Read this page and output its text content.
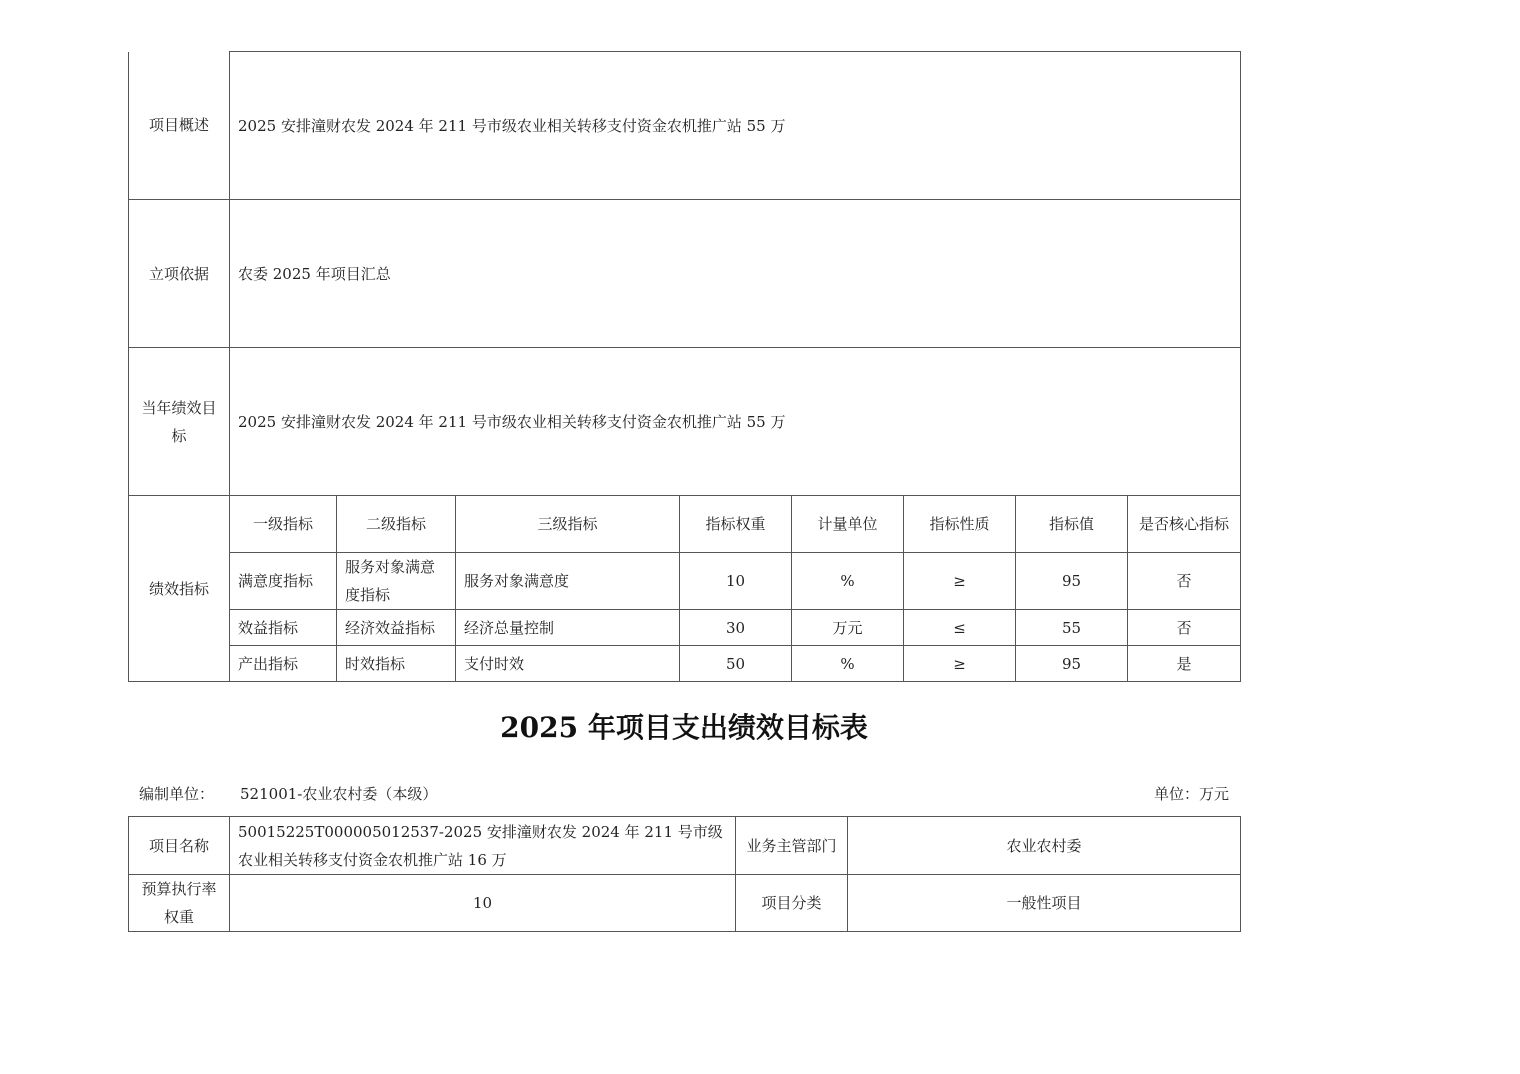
项目概述	2025 安排潼财农发 2024 年 211 号市级农业相关转移支付资金农机推广站 55 万							
立项依据	农委 2025 年项目汇总							
当年绩效目标	2025 安排潼财农发 2024 年 211 号市级农业相关转移支付资金农机推广站 55 万							
绩效指标	一级指标	二级指标	三级指标	指标权重	计量单位	指标性质	指标值	是否核心指标
	满意度指标	服务对象满意度指标	服务对象满意度	10	%	≥	95	否
	效益指标	经济效益指标	经济总量控制	30	万元	≤	55	否
	产出指标	时效指标	支付时效	50	%	≥	95	是
2025 年项目支出绩效目标表
编制单位： 521001-农业农村委（本级）	单位：万元
项目名称	50015225T000005012537-2025 安排潼财农发 2024 年 211 号市级农业相关转移支付资金农机推广站 16 万	业务主管部门	农业农村委
预算执行率权重	10	项目分类	一般性项目
